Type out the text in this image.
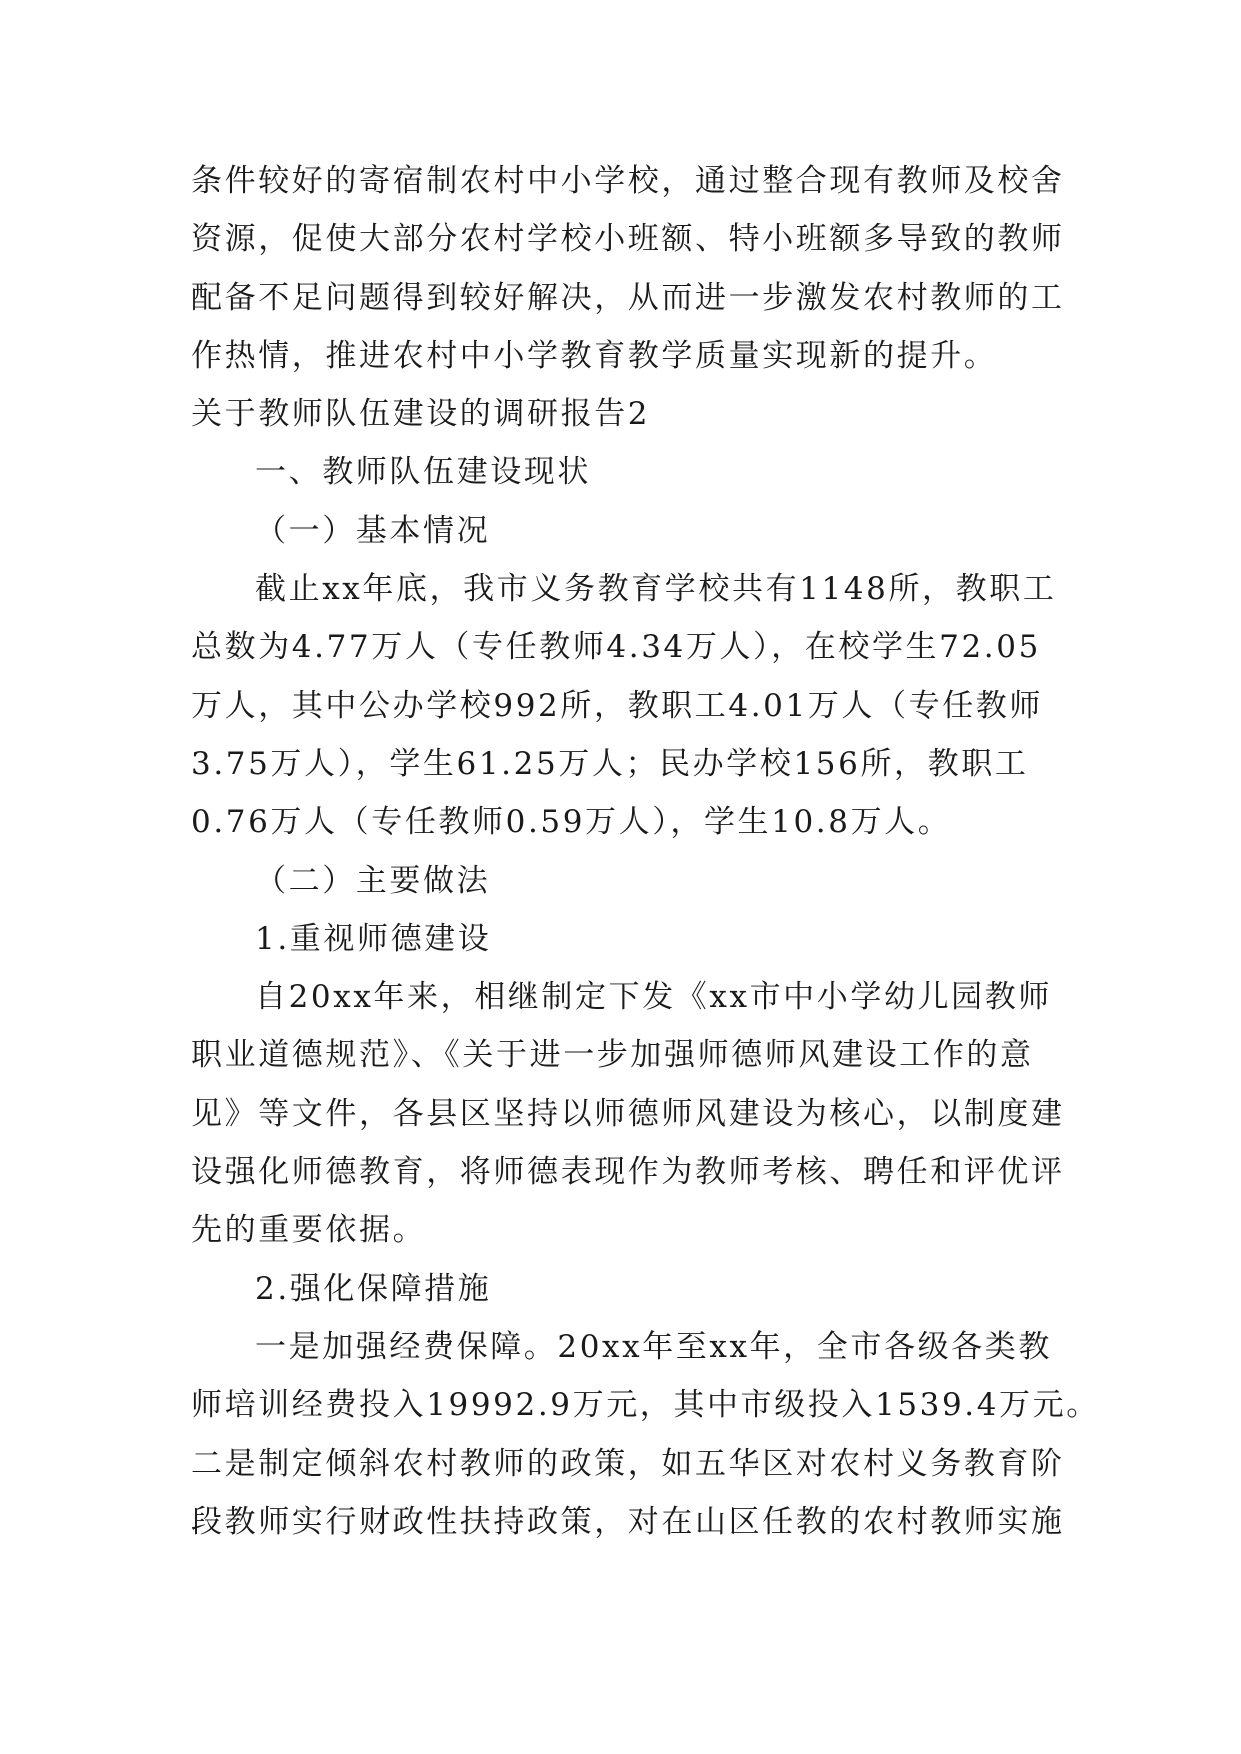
条件较好的寄宿制农村中小学校，通过整合现有教师及校舍
资源，促使大部分农村学校小班额、特小班额多导致的教师
配备不足问题得到较好解决，从而进一步激发农村教师的工
作热情，推进农村中小学教育教学质量实现新的提升。
关于教师队伍建设的调研报告2
一、教师队伍建设现状
（一）基本情况
截止xx年底，我市义务教育学校共有1148所，教职工
总数为4.77万人（专任教师4.34万人），在校学生72.05
万人，其中公办学校992所，教职工4.01万人（专任教师
3.75万人），学生61.25万人；民办学校156所，教职工
0.76万人（专任教师0.59万人），学生10.8万人。
（二）主要做法
1.重视师德建设
自20xx年来，相继制定下发《xx市中小学幼儿园教师
职业道德规范》、《关于进一步加强师德师风建设工作的意
见》等文件，各县区坚持以师德师风建设为核心，以制度建
设强化师德教育，将师德表现作为教师考核、聘任和评优评
先的重要依据。
2.强化保障措施
一是加强经费保障。20xx年至xx年，全市各级各类教
师培训经费投入19992.9万元，其中市级投入1539.4万元。
二是制定倾斜农村教师的政策，如五华区对农村义务教育阶
段教师实行财政性扶持政策，对在山区任教的农村教师实施
